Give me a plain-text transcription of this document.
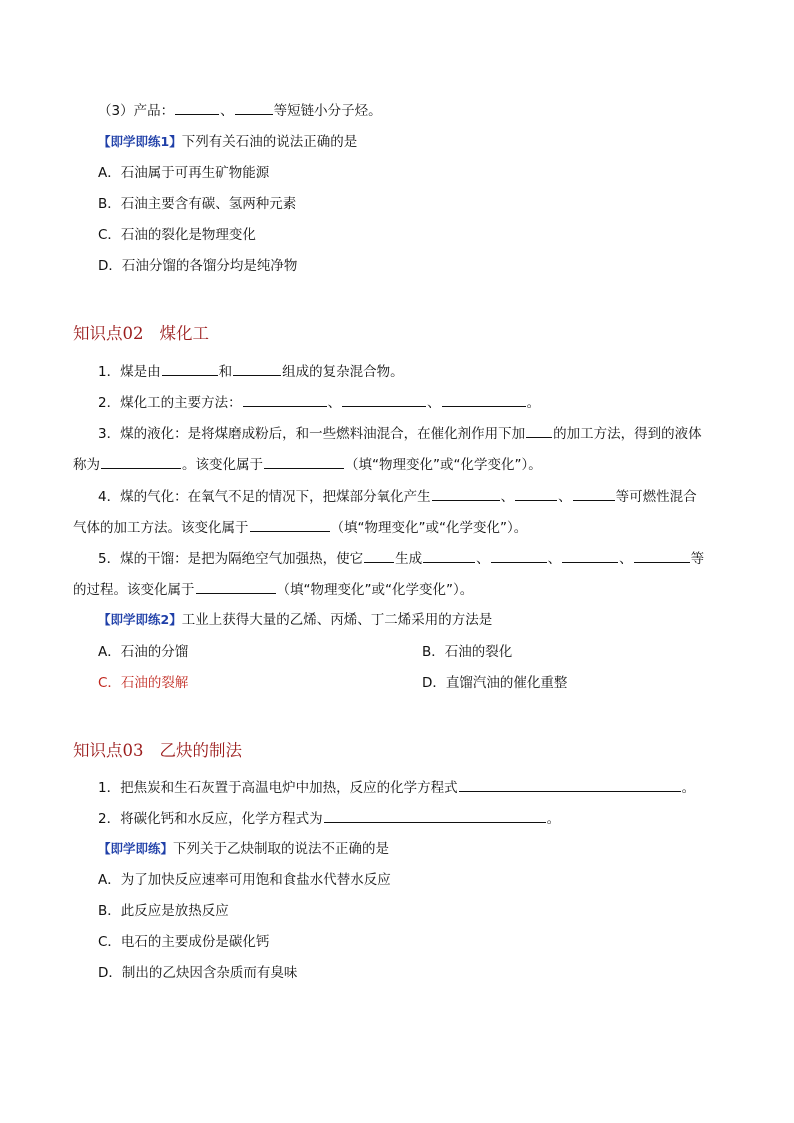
（3）产品：	、	等短链小分子烃。
【即学即练1】下列有关石油的说法正确的是
A．石油属于可再生矿物能源
B．石油主要含有碳、氢两种元素
C．石油的裂化是物理变化
D．石油分馏的各馏分均是纯净物
知识点02 煤化工
1．煤是由	和	组成的复杂混合物。
2．煤化工的主要方法：	、	、	。
3．煤的液化：是将煤磨成粉后，和一些燃料油混合，在催化剂作用下加 的加工方法，得到的液体
称为	。该变化属于	（填“物理变化”或“化学变化”）。
4．煤的气化：在氧气不足的情况下，把煤部分氧化产生	、	、	等可燃性混合
气体的加工方法。该变化属于	（填“物理变化”或“化学变化”）。
5．煤的干馏：是把为隔绝空气加强热，使它 生成	、	、	、	等
的过程。该变化属于	（填“物理变化”或“化学变化”）。
【即学即练2】工业上获得大量的乙烯、丙烯、丁二烯采用的方法是
A．石油的分馏	B．石油的裂化
C．石油的裂解	D．直馏汽油的催化重整
知识点03 乙炔的制法
1．把焦炭和生石灰置于高温电炉中加热，反应的化学方程式	。
2．将碳化钙和水反应，化学方程式为	。
【即学即练】下列关于乙炔制取的说法不正确的是
A．为了加快反应速率可用饱和食盐水代替水反应
B．此反应是放热反应
C．电石的主要成份是碳化钙
D．制出的乙炔因含杂质而有臭味
